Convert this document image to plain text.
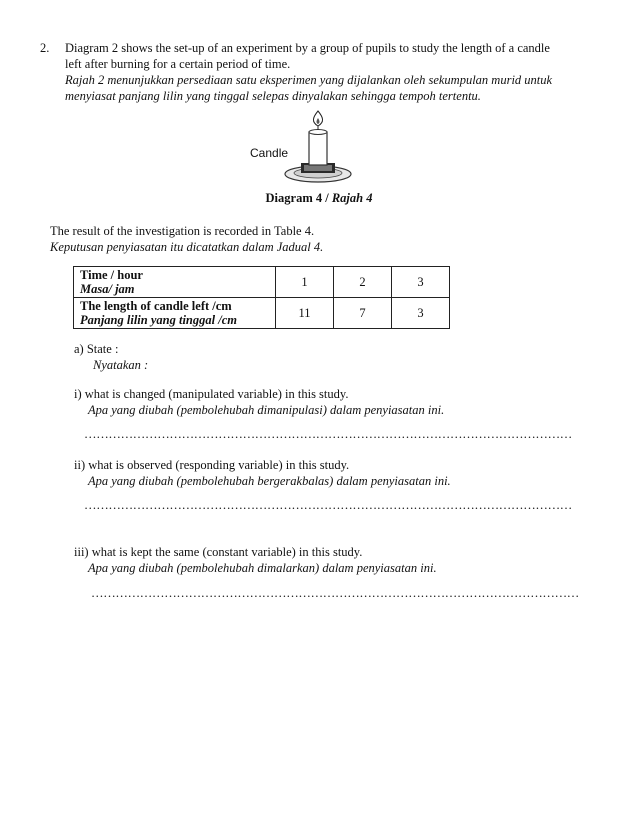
2. Diagram 2 shows the set-up of an experiment by a group of pupils to study the length of a candle
left after burning for a certain period of time.
Rajah 2 menunjukkan persediaan satu eksperimen yang dijalankan oleh sekumpulan murid untuk
menyiasat panjang lilin yang tinggal selepas dinyalakan sehingga tempoh tertentu.
Candle
Diagram 4 / Rajah 4
The result of the investigation is recorded in Table 4.
Keputusan penyiasatan itu dicatatkan dalam Jadual 4.
Time / hour
Masa/ jam	1	2	3
The length of candle left /cm
Panjang lilin yang tinggal /cm	11	7	3
a) State :
Nyatakan :
i) what is changed (manipulated variable) in this study.
Apa yang diubah (pembolehubah dimanipulasi) dalam penyiasatan ini.
…………………………………………………………………………………………………………
ii) what is observed (responding variable) in this study.
Apa yang diubah (pembolehubah bergerakbalas) dalam penyiasatan ini.
…………………………………………………………………………………………………………
iii) what is kept the same (constant variable) in this study.
Apa yang diubah (pembolehubah dimalarkan) dalam penyiasatan ini.
…………………………………………………………………………………………………………
